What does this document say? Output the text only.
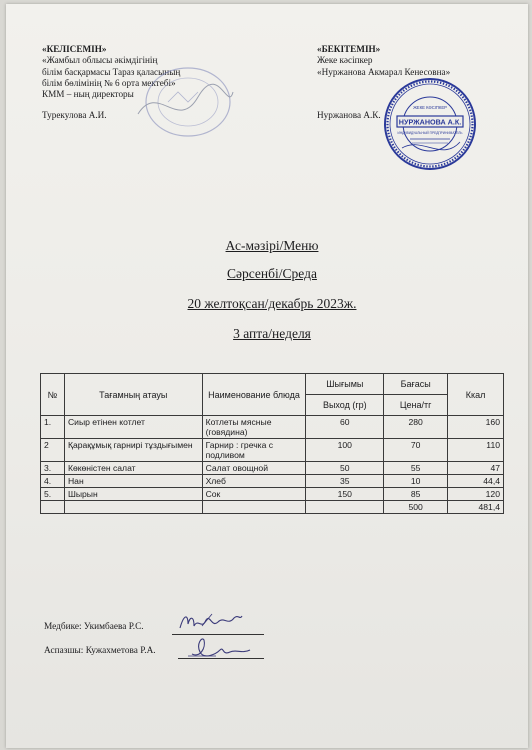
«КЕЛІСЕМІН»
«Жамбыл облысы әкімдігінің
білім басқармасы Тараз қаласының
білім бөлімінің № 6 орта мектебі»
КММ – ның директоры
Турекулова А.И.
«БЕКІТЕМІН»
Жеке кәсіпкер
«Нуржанова Акмарал Кенесовна»
Нуржанова А.К.
НУРЖАНОВА А.К.
ЖЕКЕ КӘСІПКЕР
ИНДИВИДУАЛЬНЫЙ ПРЕДПРИНИМАТЕЛЬ
Ас-мәзірі/Меню
Сәрсенбі/Среда
20 желтоқсан/декабрь 2023ж.
3 апта/неделя
№	Тағамның атауы	Наименование блюда	Шығымы	Бағасы	Ккал
			Выход (гр)	Цена/тг	
1.	Сиыр етінен котлет	Котлеты мясные (говядина)	60	280	160
2	Қарақұмық гарнирі тұздығымен	Гарнир : гречка с подливом	100	70	110
3.	Көкөністен салат	Салат овощной	50	55	47
4.	Нан	Хлеб	35	10	44,4
5.	Шырын	Сок	150	85	120
				500	481,4
Медбике: Укимбаева Р.С.
Аспазшы: Кужахметова Р.А.
